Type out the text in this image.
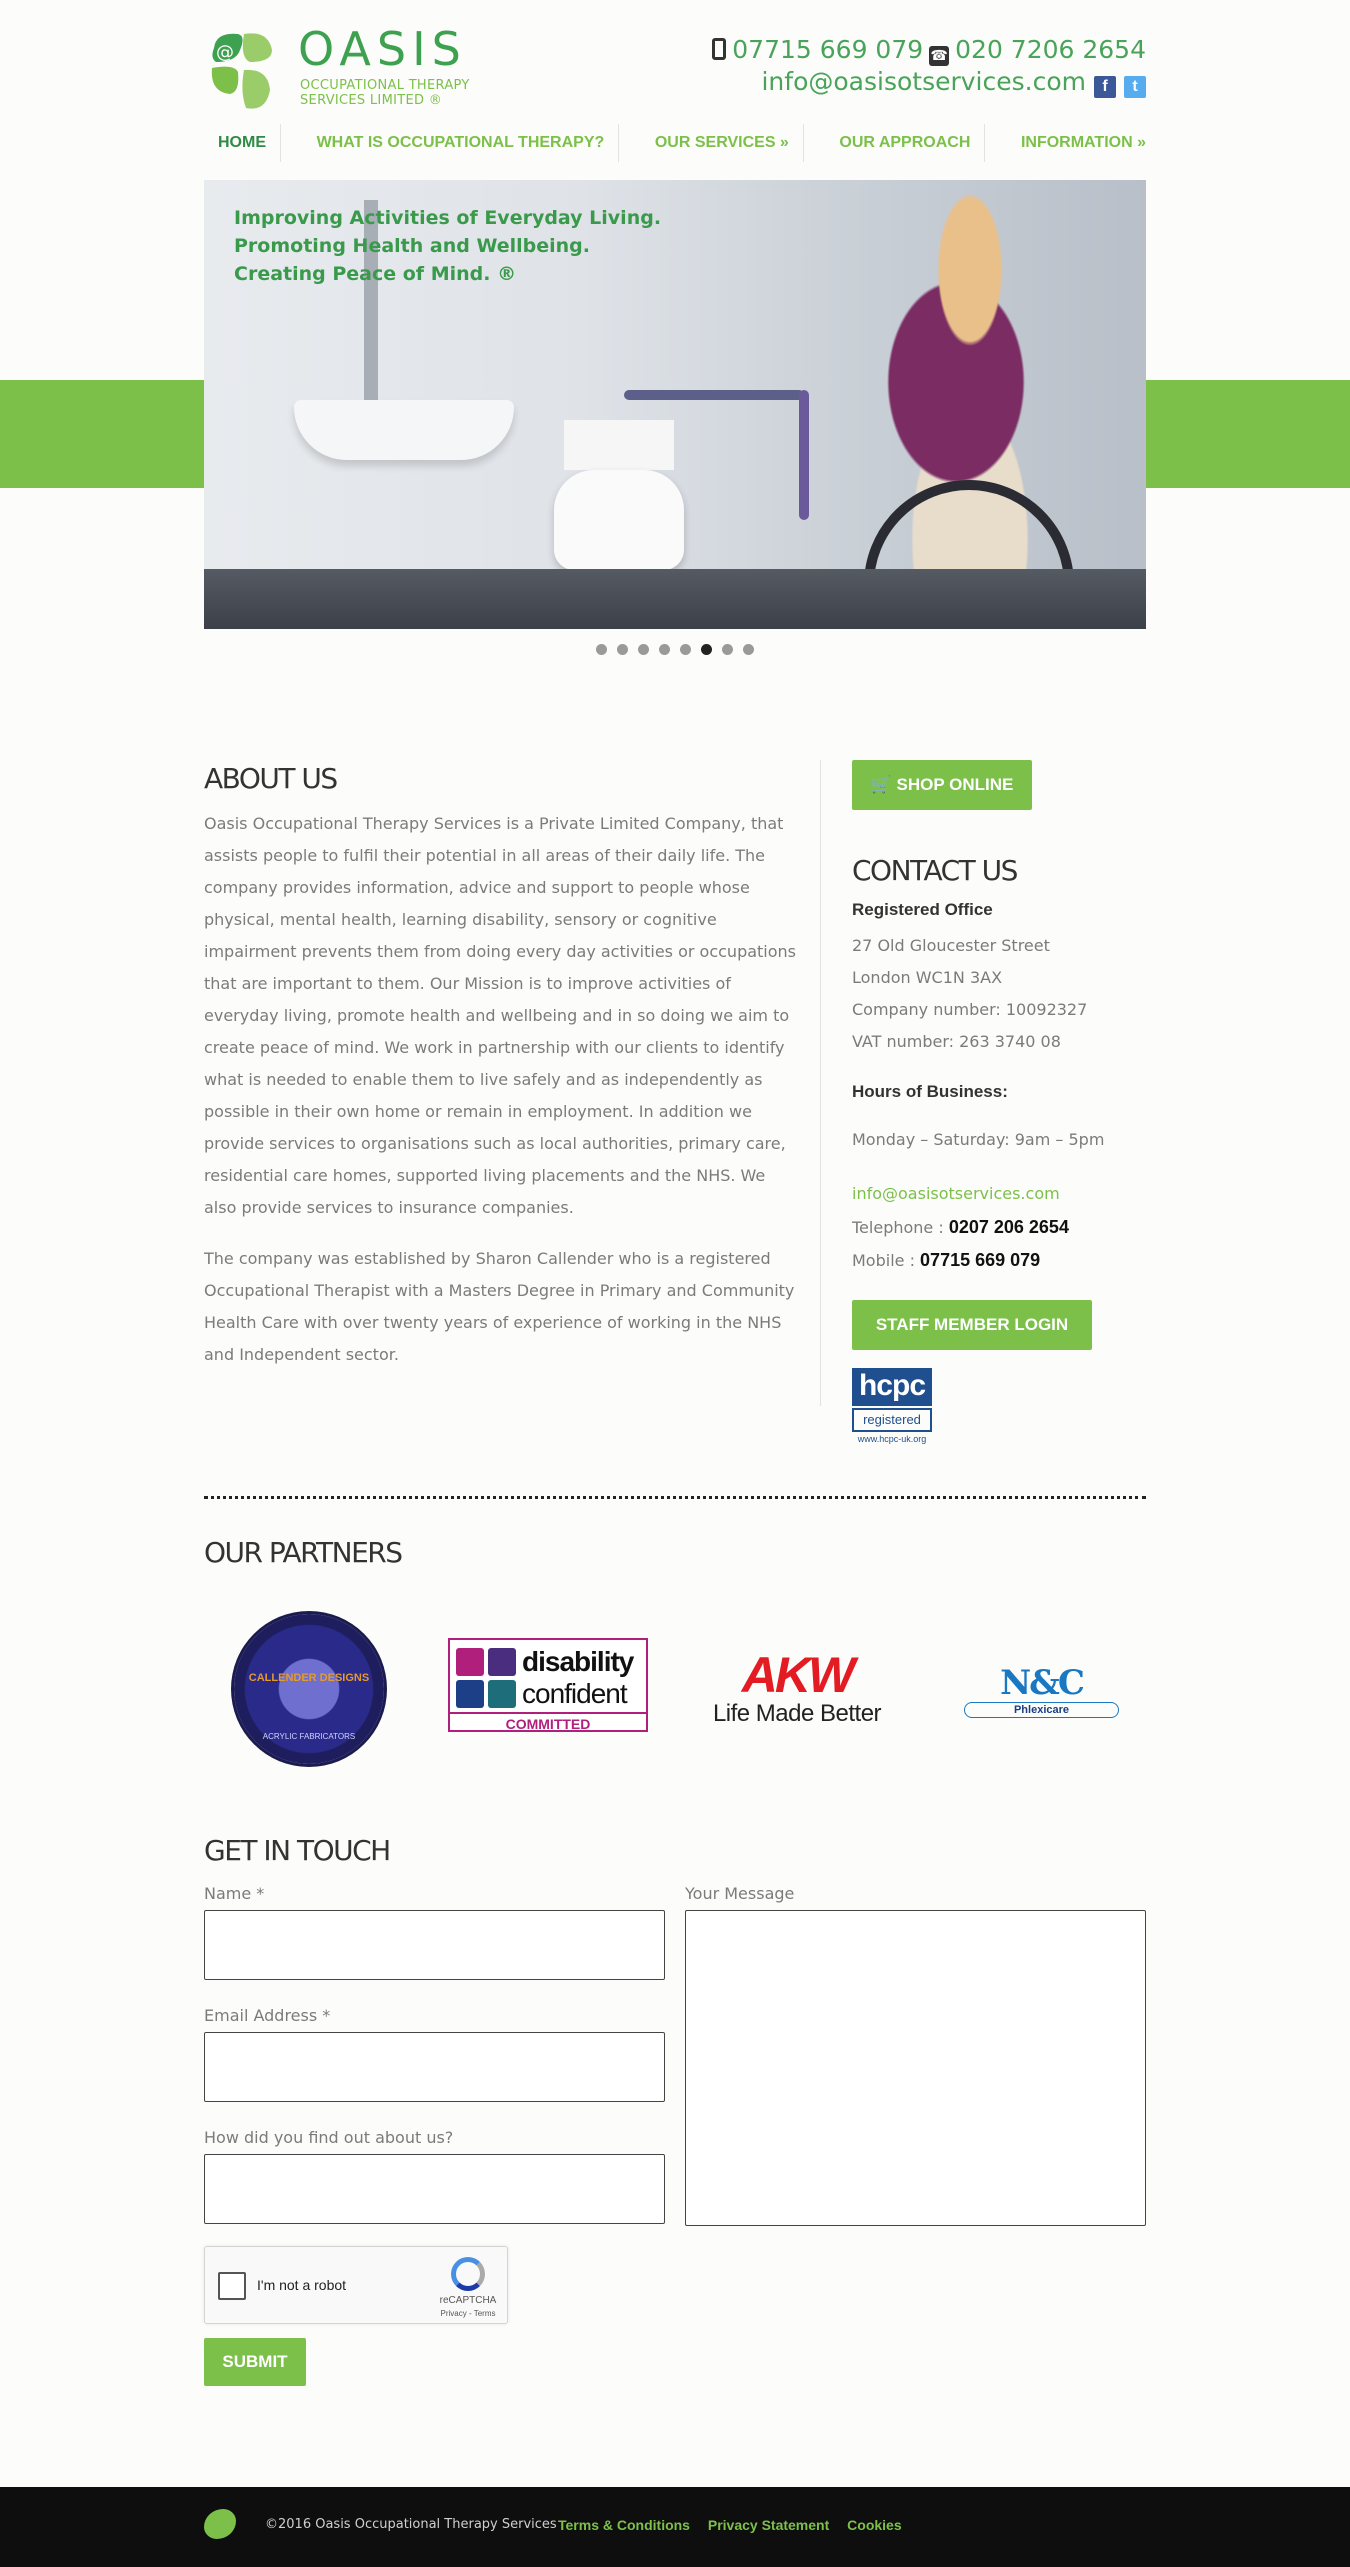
@ OASIS
OCCUPATIONAL THERAPY
SERVICES LIMITED ®
07715 669 079 ☎ 020 7206 2654
info@oasisotservices.com f t
HOME	WHAT IS OCCUPATIONAL THERAPY?	OUR SERVICES »	OUR APPROACH	INFORMATION »
Improving Activities of Everyday Living.
Promoting Health and Wellbeing.
Creating Peace of Mind. ®
ABOUT US

Oasis Occupational Therapy Services is a Private Limited Company, that assists people to fulfil their potential in all areas of their daily life. The company provides information, advice and support to people whose physical, mental health, learning disability, sensory or cognitive impairment prevents them from doing every day activities or occupations that are important to them. Our Mission is to improve activities of everyday living, promote health and wellbeing and in so doing we aim to create peace of mind. We work in partnership with our clients to identify what is needed to enable them to live safely and as independently as possible in their own home or remain in employment. In addition we provide services to organisations such as local authorities, primary care, residential care homes, supported living placements and the NHS. We also provide services to insurance companies.

The company was established by Sharon Callender who is a registered Occupational Therapist with a Masters Degree in Primary and Community Health Care with over twenty years of experience of working in the NHS and Independent sector.

🛒 SHOP ONLINE
CONTACT US
Registered Office
27 Old Gloucester Street
London WC1N 3AX
Company number: 10092327
VAT number: 263 3740 08
Hours of Business:
Monday – Saturday: 9am – 5pm
info@oasisotservices.com
Telephone : 0207 206 2654
Mobile : 07715 669 079
STAFF MEMBER LOGIN
hcpc
registered
www.hcpc-uk.org
OUR PARTNERS
CALLENDER DESIGNS
ACRYLIC FABRICATORS
disability
confident
COMMITTED
AKW
Life Made Better
N&C
Phlexicare
GET IN TOUCH
Name *
Email Address *
How did you find out about us?
Your Message
I'm not a robot
reCAPTCHA
Privacy - Terms
SUBMIT
©2016 Oasis Occupational Therapy Services Terms & Conditions Privacy Statement Cookies
